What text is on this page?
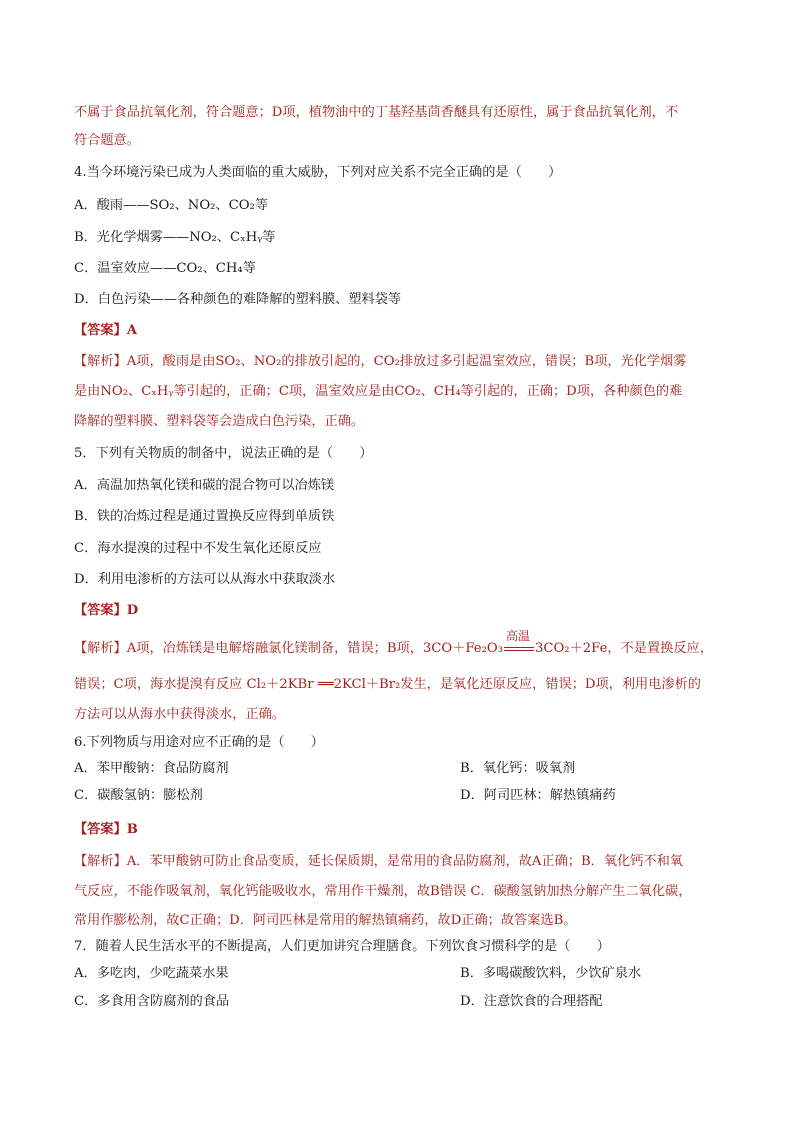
不属于食品抗氧化剂，符合题意；D项，植物油中的丁基羟基茴香醚具有还原性，属于食品抗氧化剂，不
符合题意。
4.当今环境污染已成为人类面临的重大威胁，下列对应关系不完全正确的是（　　）
A．酸雨——SO₂、NO₂、CO₂等
B．光化学烟雾——NO₂、CₓHᵧ等
C．温室效应——CO₂、CH₄等
D．白色污染——各种颜色的难降解的塑料膜、塑料袋等
【答案】A
【解析】A项，酸雨是由SO₂、NO₂的排放引起的，CO₂排放过多引起温室效应，错误；B项，光化学烟雾
是由NO₂、CₓHᵧ等引起的，正确；C项，温室效应是由CO₂、CH₄等引起的，正确；D项，各种颜色的难
降解的塑料膜、塑料袋等会造成白色污染，正确。
5．下列有关物质的制备中，说法正确的是（　　）
A．高温加热氧化镁和碳的混合物可以冶炼镁
B．铁的冶炼过程是通过置换反应得到单质铁
C．海水提溴的过程中不发生氧化还原反应
D．利用电渗析的方法可以从海水中获取淡水
【答案】D
【解析】A项，冶炼镁是电解熔融氯化镁制备，错误；B项，3CO＋Fe₂O₃
高温
3CO₂＋2Fe，不是置换反应，
错误；C项，海水提溴有反应 Cl₂＋2KBr ══2KCl＋Br₂发生，是氧化还原反应，错误；D项，利用电渗析的
方法可以从海水中获得淡水，正确。
6.下列物质与用途对应不正确的是（　　）
A．苯甲酸钠：食品防腐剂	B．氧化钙：吸氧剂
C．碳酸氢钠：膨松剂	D．阿司匹林：解热镇痛药
【答案】B
【解析】A．苯甲酸钠可防止食品变质，延长保质期，是常用的食品防腐剂，故A正确；B．氧化钙不和氧
气反应，不能作吸氧剂，氧化钙能吸收水，常用作干燥剂，故B错误 C．碳酸氢钠加热分解产生二氧化碳，
常用作膨松剂，故C正确；D．阿司匹林是常用的解热镇痛药，故D正确；故答案选B。
7．随着人民生活水平的不断提高，人们更加讲究合理膳食。下列饮食习惯科学的是（　　）
A．多吃肉，少吃蔬菜水果	B．多喝碳酸饮料，少饮矿泉水
C．多食用含防腐剂的食品	D．注意饮食的合理搭配
